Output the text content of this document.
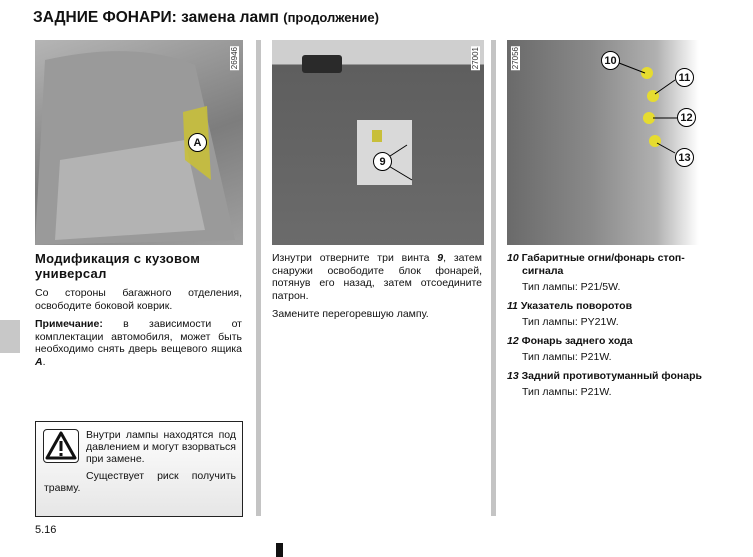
ЗАДНИЕ ФОНАРИ: замена ламп (продолжение)
A
26946
9
27001	10
11
12
13
27056
Модификация с кузовом универсал

Со стороны багажного отделения, освободите боковой коврик.

Примечание: в зависимости от комплектации автомобиля, может быть необходимо снять дверь вещевого ящика A.

Изнутри отверните три винта 9, затем снаружи освободите блок фонарей, потянув его назад, затем отсоедините патрон.

Замените перегоревшую лампу.

10 Габаритные огни/фонарь стоп-сигнала
Тип лампы: P21/5W.
11 Указатель поворотов
Тип лампы: PY21W.
12 Фонарь заднего хода
Тип лампы: P21W.
13 Задний противотуманный фонарь
Тип лампы: P21W.
Внутри лампы находятся под давлением и могут взорваться при замене.
Существует риск получить травму.
5.16
